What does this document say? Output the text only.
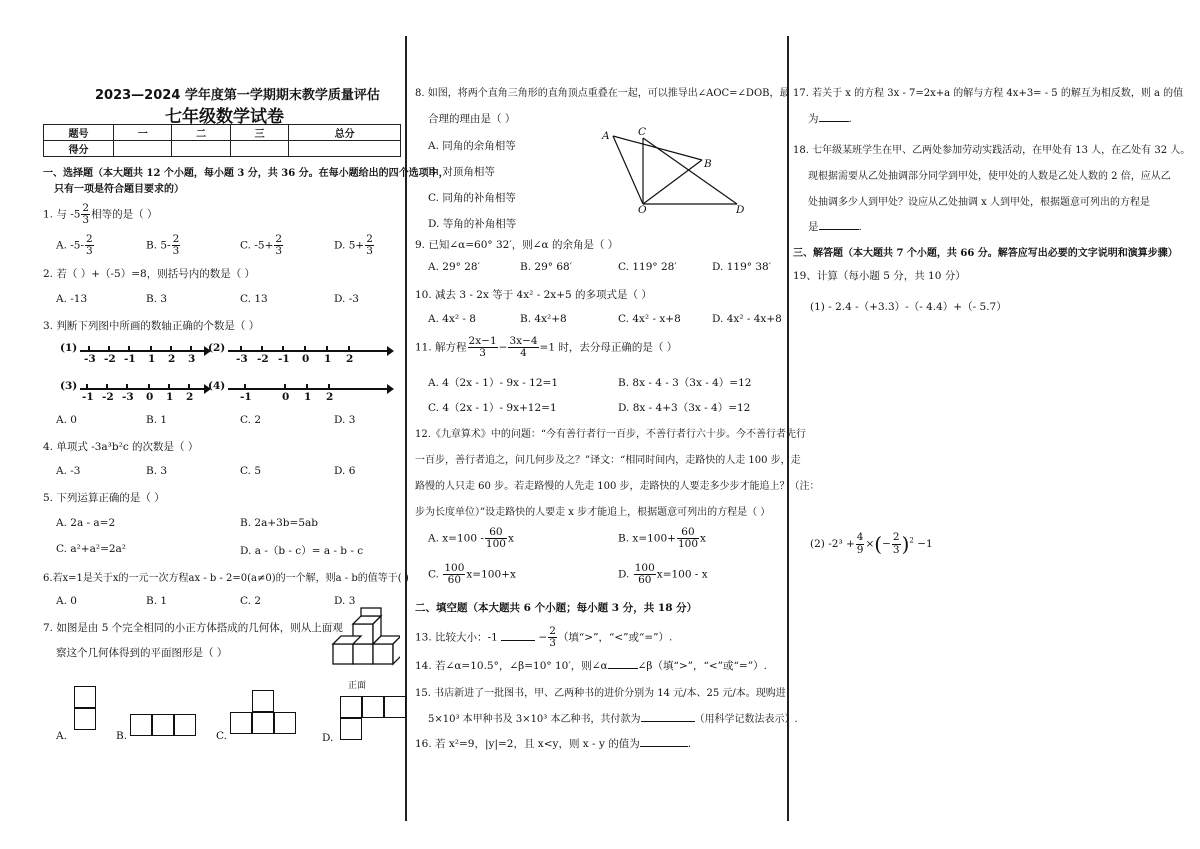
2023—2024 学年度第一学期期末教学质量评估
七年级数学试卷
题号	一	二	三	总分
得分				
一、选择题（本大题共 12 个小题，每小题 3 分，共 36 分。在每小题给出的四个选项中，
只有一项是符合题目要求的）
1. 与 $-5 \frac{2}{3}$ 相等的是（ ）
A. $-5- \frac{2}{3}$	B. $5- \frac{2}{3}$	C. $-5+ \frac{2}{3}$	D. $5+ \frac{2}{3}$
2. 若（ ）+（-5）=8，则括号内的数是（ ）
A. -13	B. 3	C. 13	D. -3
3. 判断下列图中所画的数轴正确的个数是（ ）
(1)
-3 -2 -1 1 2 3
(2)
-3 -2 -1 0 1 2
(3)
-1 -2 -3 0 1 2
(4)
-1	0 1 2
A. 0	B. 1	C. 2	D. 3
4. 单项式 -3a³b²c 的次数是（ ）
A. -3	B. 3	C. 5	D. 6
5. 下列运算正确的是（ ）
A. 2a - a=2	B. 2a+3b=5ab
C. a²+a²=2a²	D. a -（b - c）= a - b - c
6.若x=1是关于x的一元一次方程ax - b - 2=0(a≠0)的一个解，则a - b的值等于( )
A. 0	B. 1	C. 2	D. 3
7. 如图是由 5 个完全相同的小正方体搭成的几何体，则从上面观
察这个几何体得到的平面图形是（ ）
正面
A.	B.	C.	D.
8. 如图，将两个直角三角形的直角顶点重叠在一起，可以推导出∠AOC=∠DOB，最
合理的理由是（ ）
A. 同角的余角相等
B. 对顶角相等
C. 同角的补角相等
D. 等角的补角相等
A	C
B
O	D
9. 已知∠α=60° 32′，则∠α 的余角是（ ）
A. 29° 28′	B. 29° 68′	C. 119° 28′	D. 119° 38′
10. 减去 3 - 2x 等于 4x² - 2x+5 的多项式是（ ）
A. 4x² - 8	B. 4x²+8	C. 4x² - x+8	D. 4x² - 4x+8
11. 解方程 $\frac{2x-1}{3} - \frac{3x-4}{4} =1$ 时，去分母正确的是（ ）
A. 4（2x - 1）- 9x - 12=1	B. 8x - 4 - 3（3x - 4）=12
C. 4（2x - 1）- 9x+12=1	D. 8x - 4+3（3x - 4）=12
12.《九章算术》中的问题：“今有善行者行一百步，不善行者行六十步。今不善行者先行
一百步，善行者追之，问几何步及之？”译文：“相同时间内，走路快的人走 100 步，走
路慢的人只走 60 步。若走路慢的人先走 100 步，走路快的人要走多少步才能追上？（注：
步为长度单位）”设走路快的人要走 x 步才能追上，根据题意可列出的方程是（ ）
A. $x=100 - \frac{60}{100}$ x	B. $x=100+ \frac{60}{100}$ x
C. $\frac{100}{60} x=100+x$	D. $\frac{100}{60} x=100 - x$
二、填空题（本大题共 6 个小题；每小题 3 分，共 18 分）
13. 比较大小：-1	− $\frac{2}{3}$ （填“>”，“<”或“=”）.
14. 若∠α=10.5°，∠β=10° 10′，则∠α	∠β（填“>”，“<”或“=”）.
15. 书店新进了一批图书，甲、乙两种书的进价分别为 14 元/本、25 元/本。现购进
5×10³ 本甲种书及 3×10³ 本乙种书，共付款为	（用科学记数法表示）.
16. 若 x²=9，|y|=2，且 x<y，则 x - y 的值为	.
17. 若关于 x 的方程 3x - 7=2x+a 的解与方程 4x+3= - 5 的解互为相反数，则 a 的值
为	.
18. 七年级某班学生在甲、乙两处参加劳动实践活动，在甲处有 13 人，在乙处有 32 人。
现根据需要从乙处抽调部分同学到甲处，使甲处的人数是乙处人数的 2 倍，应从乙
处抽调多少人到甲处？设应从乙处抽调 x 人到甲处，根据题意可列出的方程是
是	.
三、解答题（本大题共 7 个小题，共 66 分。解答应写出必要的文字说明和演算步骤）
19、计算（每小题 5 分，共 10 分）
(1) - 2.4 -（+3.3）-（- 4.4）+（- 5.7）
(2) $-2^3 + \frac{4}{9}$ ×(− $\frac{2}{3} )^2 -1$
